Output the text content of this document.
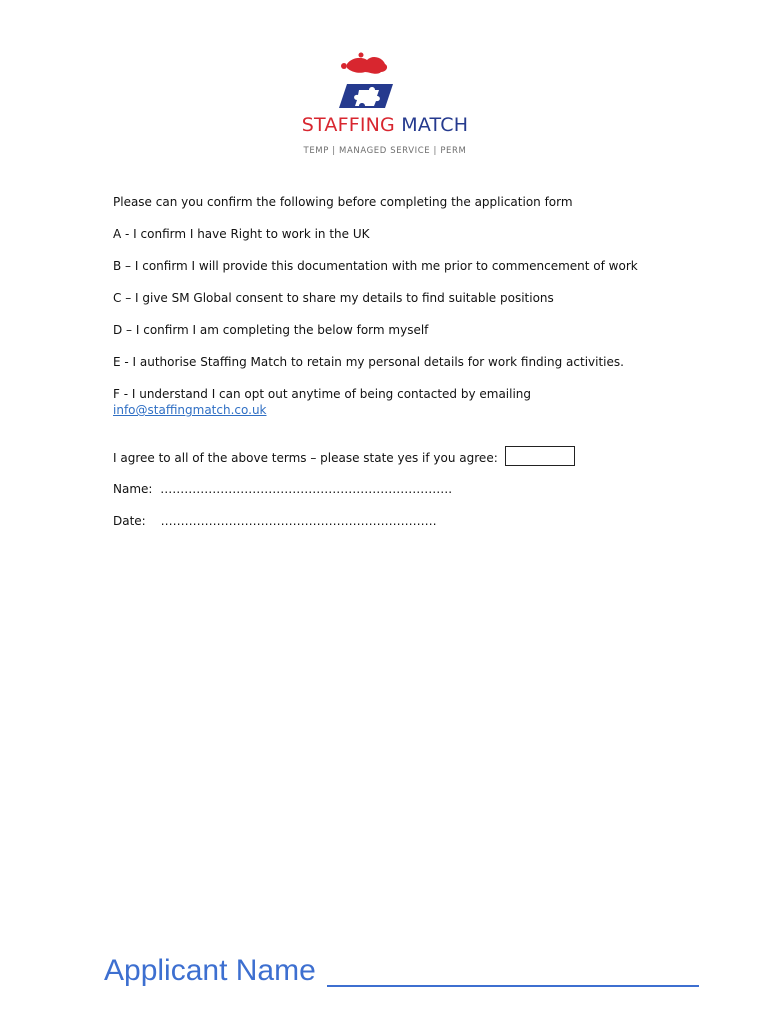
STAFFING MATCH
TEMP | MANAGED SERVICE | PERM

Please can you confirm the following before completing the application form

A - I confirm I have Right to work in the UK

B – I confirm I will provide this documentation with me prior to commencement of work

C – I give SM Global consent to share my details to find suitable positions

D – I confirm I am completing the below form myself

E - I authorise Staffing Match to retain my personal details for work finding activities.

F - I understand I can opt out anytime of being contacted by emailing
info@staffingmatch.co.uk

I agree to all of the above terms – please state yes if you agree:
Name: ……………………………………………………………….
Date: ……………………………………………………………
Applicant Name
